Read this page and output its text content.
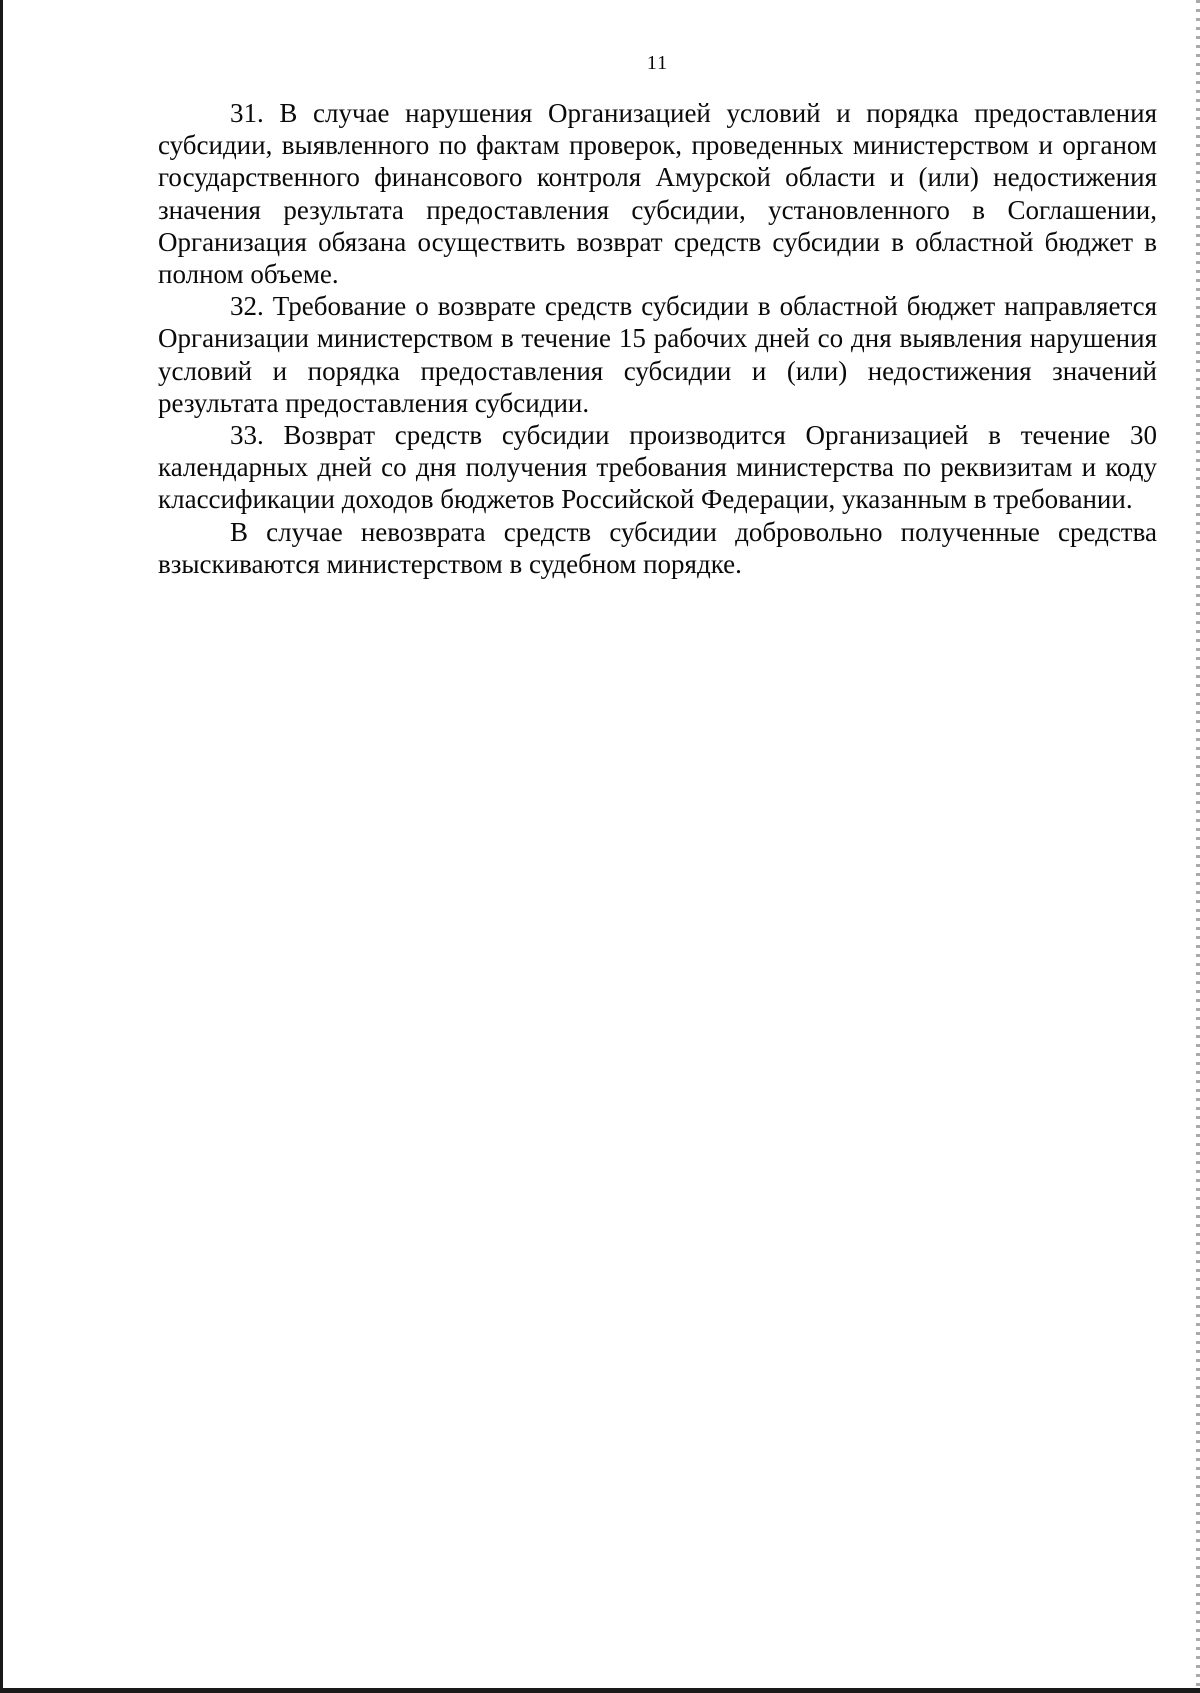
11

31. В случае нарушения Организацией условий и порядка предоставления субсидии, выявленного по фактам проверок, проведенных министерством и органом государственного финансового контроля Амурской области и (или) недостижения значения результата предоставления субсидии, установленного в Соглашении, Организация обязана осуществить возврат средств субсидии в областной бюджет в полном объеме.

32. Требование о возврате средств субсидии в областной бюджет направляется Организации министерством в течение 15 рабочих дней со дня выявления нарушения условий и порядка предоставления субсидии и (или) недостижения значений результата предоставления субсидии.

33. Возврат средств субсидии производится Организацией в течение 30 календарных дней со дня получения требования министерства по реквизитам и коду классификации доходов бюджетов Российской Федерации, указанным в требовании.

В случае невозврата средств субсидии добровольно полученные средства взыскиваются министерством в судебном порядке.
